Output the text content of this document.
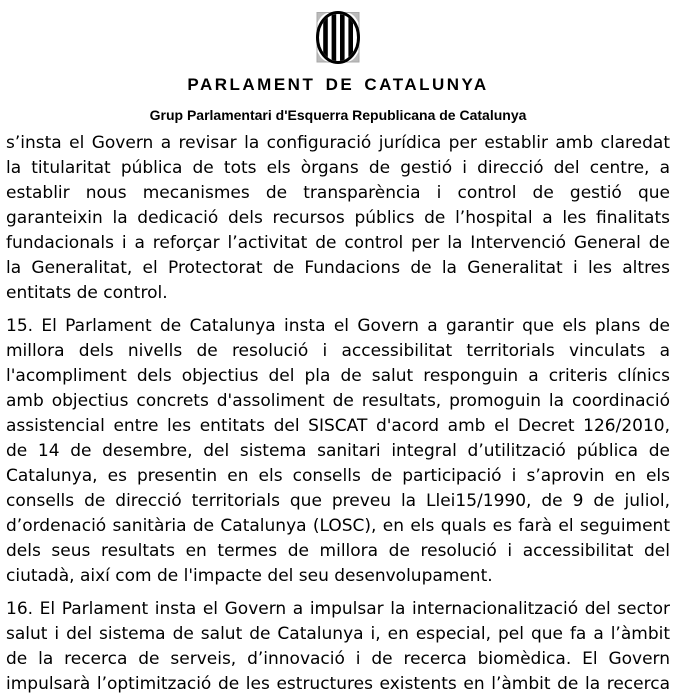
PARLAMENT DE CATALUNYA
Grup Parlamentari d'Esquerra Republicana de Catalunya
s’insta el Govern a revisar la configuració jurídica per establir amb claredat
la titularitat pública de tots els òrgans de gestió i direcció del centre, a
establir nous mecanismes de transparència i control de gestió que
garanteixin la dedicació dels recursos públics de l’hospital a les finalitats
fundacionals i a reforçar l’activitat de control per la Intervenció General de
la Generalitat, el Protectorat de Fundacions de la Generalitat i les altres
entitats de control.
15. El Parlament de Catalunya insta el Govern a garantir que els plans de
millora dels nivells de resolució i accessibilitat territorials vinculats a
l'acompliment dels objectius del pla de salut responguin a criteris clínics
amb objectius concrets d'assoliment de resultats, promoguin la coordinació
assistencial entre les entitats del SISCAT d'acord amb el Decret 126/2010,
de 14 de desembre, del sistema sanitari integral d’utilització pública de
Catalunya, es presentin en els consells de participació i s’aprovin en els
consells de direcció territorials que preveu la Llei15/1990, de 9 de juliol,
d’ordenació sanitària de Catalunya (LOSC), en els quals es farà el seguiment
dels seus resultats en termes de millora de resolució i accessibilitat del
ciutadà, així com de l'impacte del seu desenvolupament.
16. El Parlament insta el Govern a impulsar la internacionalització del sector
salut i del sistema de salut de Catalunya i, en especial, pel que fa a l’àmbit
de la recerca de serveis, d’innovació i de recerca biomèdica. El Govern
impulsarà l’optimització de les estructures existents en l’àmbit de la recerca
